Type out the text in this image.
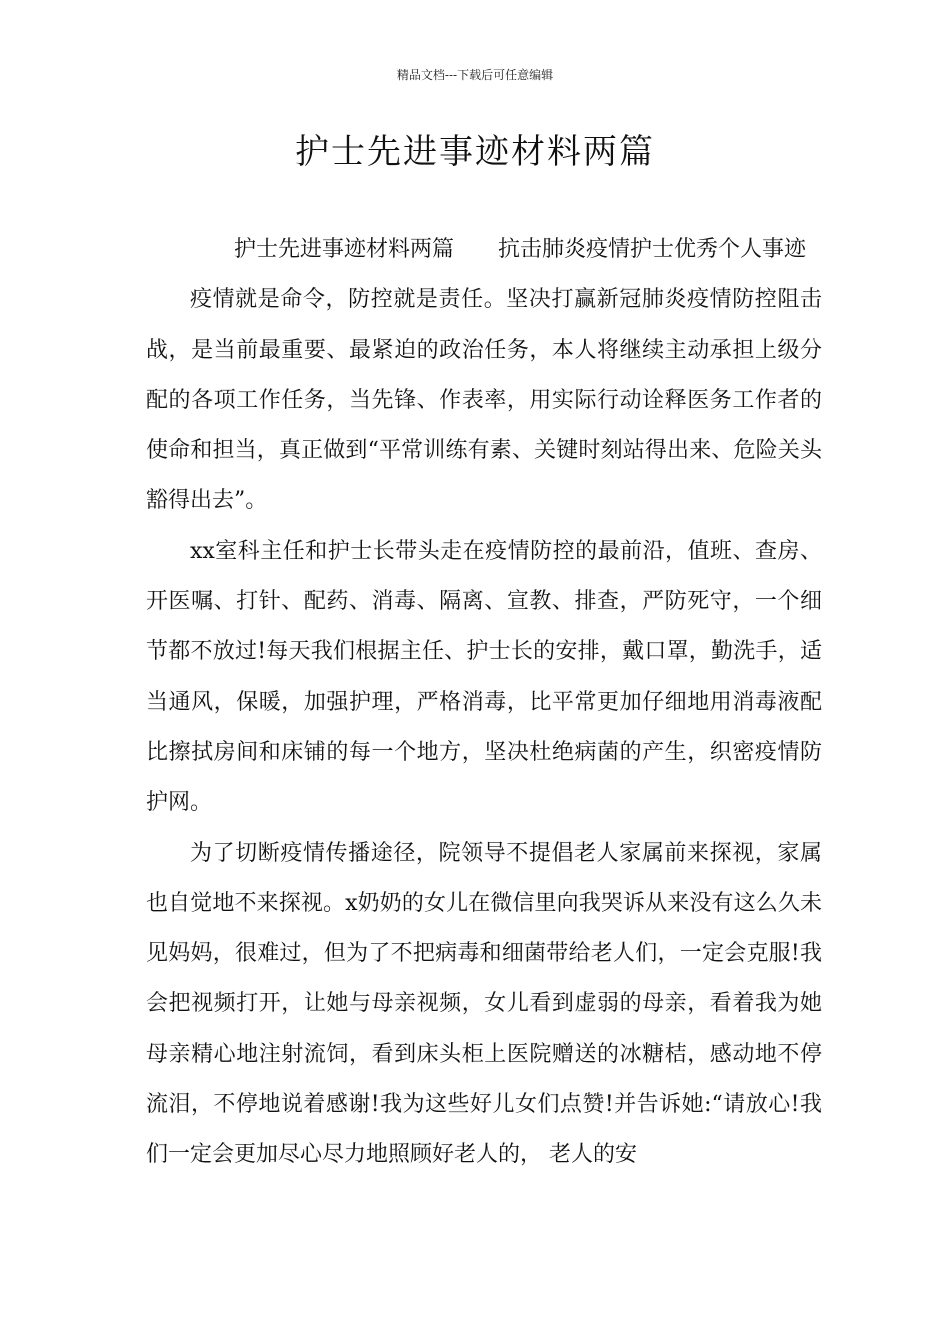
精品文档---下载后可任意编辑
护士先进事迹材料两篇

护士先进事迹材料两篇 抗击肺炎疫情护士优秀个人事迹

疫情就是命令，防控就是责任。坚决打赢新冠肺炎疫情防控阻击战，是当前最重要、最紧迫的政治任务，本人将继续主动承担上级分配的各项工作任务，当先锋、作表率，用实际行动诠释医务工作者的使命和担当，真正做到“平常训练有素、关键时刻站得出来、危险关头豁得出去”。

xx室科主任和护士长带头走在疫情防控的最前沿，值班、查房、开医嘱、打针、配药、消毒、隔离、宣教、排查，严防死守，一个细节都不放过!每天我们根据主任、护士长的安排，戴口罩，勤洗手，适当通风，保暖，加强护理，严格消毒，比平常更加仔细地用消毒液配比擦拭房间和床铺的每一个地方，坚决杜绝病菌的产生，织密疫情防护网。

为了切断疫情传播途径，院领导不提倡老人家属前来探视，家属也自觉地不来探视。x奶奶的女儿在微信里向我哭诉从来没有这么久未见妈妈，很难过，但为了不把病毒和细菌带给老人们，一定会克服!我会把视频打开，让她与母亲视频，女儿看到虚弱的母亲，看着我为她母亲精心地注射流饲，看到床头柜上医院赠送的冰糖桔，感动地不停流泪，不停地说着感谢!我为这些好儿女们点赞!并告诉她:“请放心!我们一定会更加尽心尽力地照顾好老人的， 老人的安
